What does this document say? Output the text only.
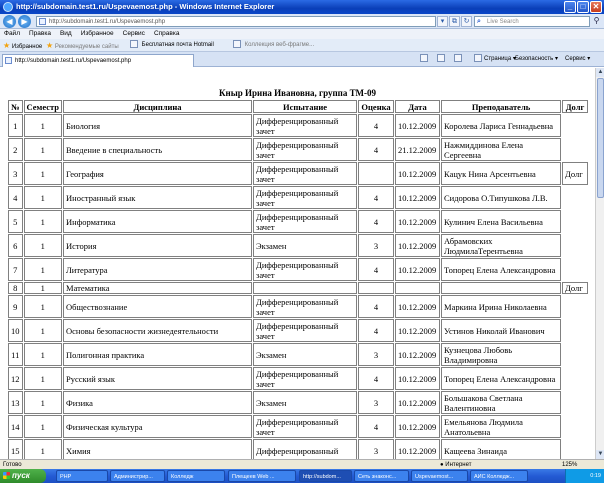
http://subdomain.test1.ru/Uspevaemost.php - Windows Internet Explorer	_	□ ✕
◀	▶	http://subdomain.test1.ru/Uspevaemost.php	▾	⧉ ↻	⌕ Live Search	⚲
Файл Правка Вид Избранное Сервис Справка
★ Избранное ★ Рекомендуемые сайты	Бесплатная почта Hotmail	Коллекция веб-фрагме...
http://subdomain.test1.ru/Uspevaemost.php	Страница ▾ Безопасность ▾ Сервис ▾
Кныр Ирина Ивановна, группа ТМ-09
№	Семестр	Дисциплина	Испытание	Оценка	Дата	Преподаватель	Долг
1	1	Биология	Дифференцированный зачет	4	10.12.2009	Королева Лариса Геннадьевна	
2	1	Введение в специальность	Дифференцированный зачет	4	21.12.2009	Нажмиддинова Елена Сергеевна	
3	1	География	Дифференцированный зачет		10.12.2009	Кацук Нина Арсентьевна	Долг
4	1	Иностранный язык	Дифференцированный зачет	4	10.12.2009	Сидорова О.Типушкова Л.В.	
5	1	Информатика	Дифференцированный зачет	4	10.12.2009	Кулинич Елена Васильевна	
6	1	История	Экзамен	3	10.12.2009	Абрамовских ЛюдмилаТерентьевна	
7	1	Литература	Дифференцированный зачет	4	10.12.2009	Топорец Елена Александровна	
8	1	Математика					Долг
9	1	Обществознание	Дифференцированный зачет	4	10.12.2009	Маркина Ирина Николаевна	
10	1	Основы безопасности жизнедеятельности	Дифференцированный зачет	4	10.12.2009	Устинов Николай Иванович	
11	1	Полигонная практика	Экзамен	3	10.12.2009	Кузнецова Любовь Владимировна	
12	1	Русский язык	Дифференцированный зачет	4	10.12.2009	Топорец Елена Александровна	
13	1	Физика	Экзамен	3	10.12.2009	Большакова Светлана Валентиновна	
14	1	Физическая культура	Дифференцированный зачет	4	10.12.2009	Емельянова Людмила Анатольевна	
15	1	Химия	Дифференцированный	3	10.12.2009	Кащеева Зинаида	
▲
▼
Готово	● Интернет	125%
пуск	PHP	Администрир...	Колледж	Плещеев Web ...	http://subdom...	Сеть знаконс...	Uspevaemost...	АИС Колледж...	0:19
